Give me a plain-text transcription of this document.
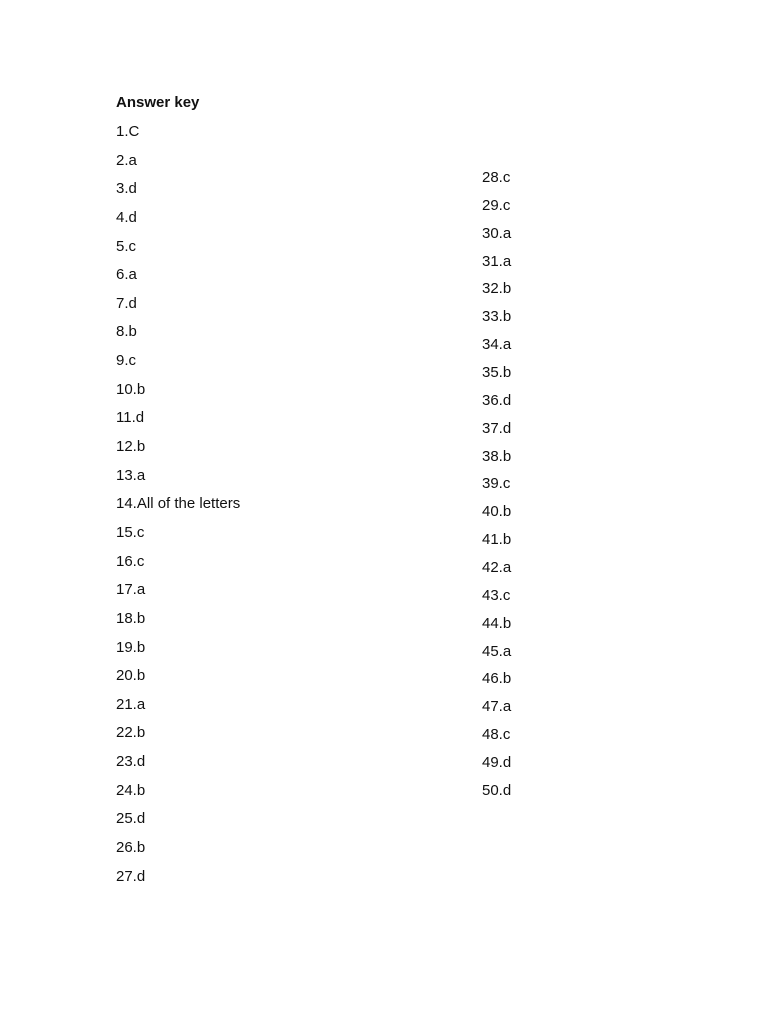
Answer key
1.C
2.a
3.d
4.d
5.c
6.a
7.d
8.b
9.c
10.b
11.d
12.b
13.a
14.All of the letters
15.c
16.c
17.a
18.b
19.b
20.b
21.a
22.b
23.d
24.b
25.d
26.b
27.d
28.c
29.c
30.a
31.a
32.b
33.b
34.a
35.b
36.d
37.d
38.b
39.c
40.b
41.b
42.a
43.c
44.b
45.a
46.b
47.a
48.c
49.d
50.d
